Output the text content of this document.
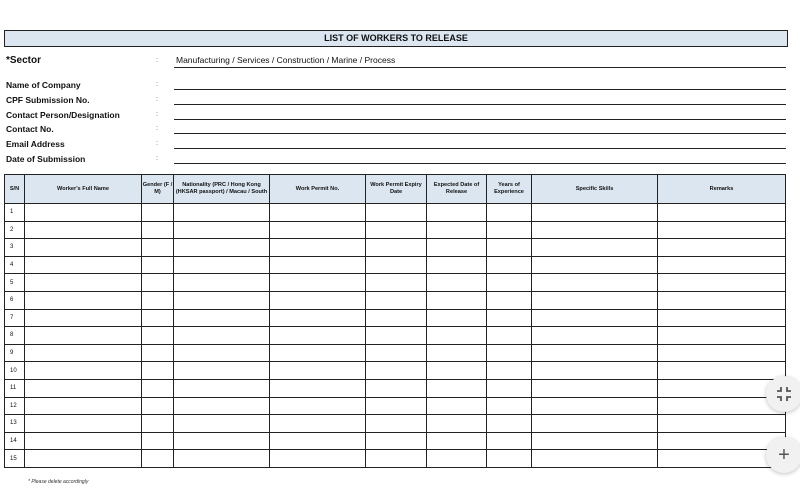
LIST OF WORKERS TO RELEASE
*Sector	: Manufacturing / Services / Construction / Marine / Process
Name of Company	:
CPF Submission No.	:
Contact Person/Designation	:
Contact No.	:
Email Address	:
Date of Submission	:
S/N	Worker's Full Name	Gender (F / M)	Nationality (PRC / Hong Kong (HKSAR passport) / Macau / South	Work Permit No.	Work Permit Expiry Date	Expected Date of Release	Years of Experience	Specific Skills	Remarks
1									
2									
3									
4									
5									
6									
7									
8									
9									
10									
11									
12									
13									
14									
15									
* Please delete accordingly
+
